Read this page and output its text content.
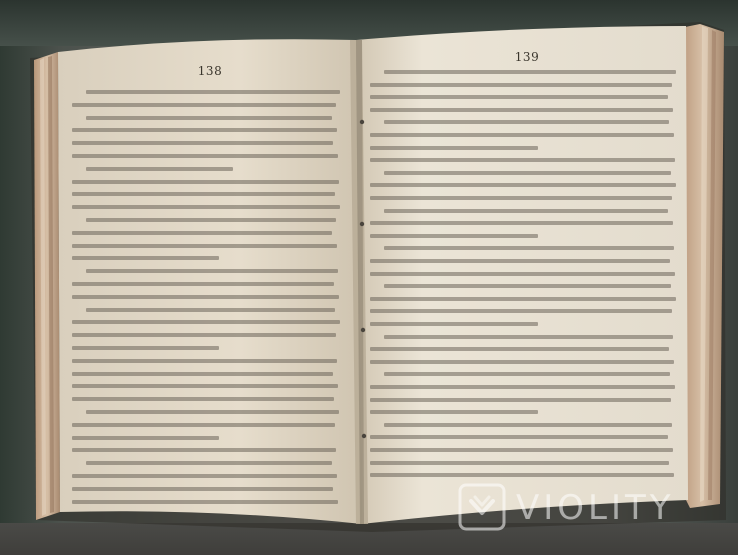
138
139
VIOLITY
